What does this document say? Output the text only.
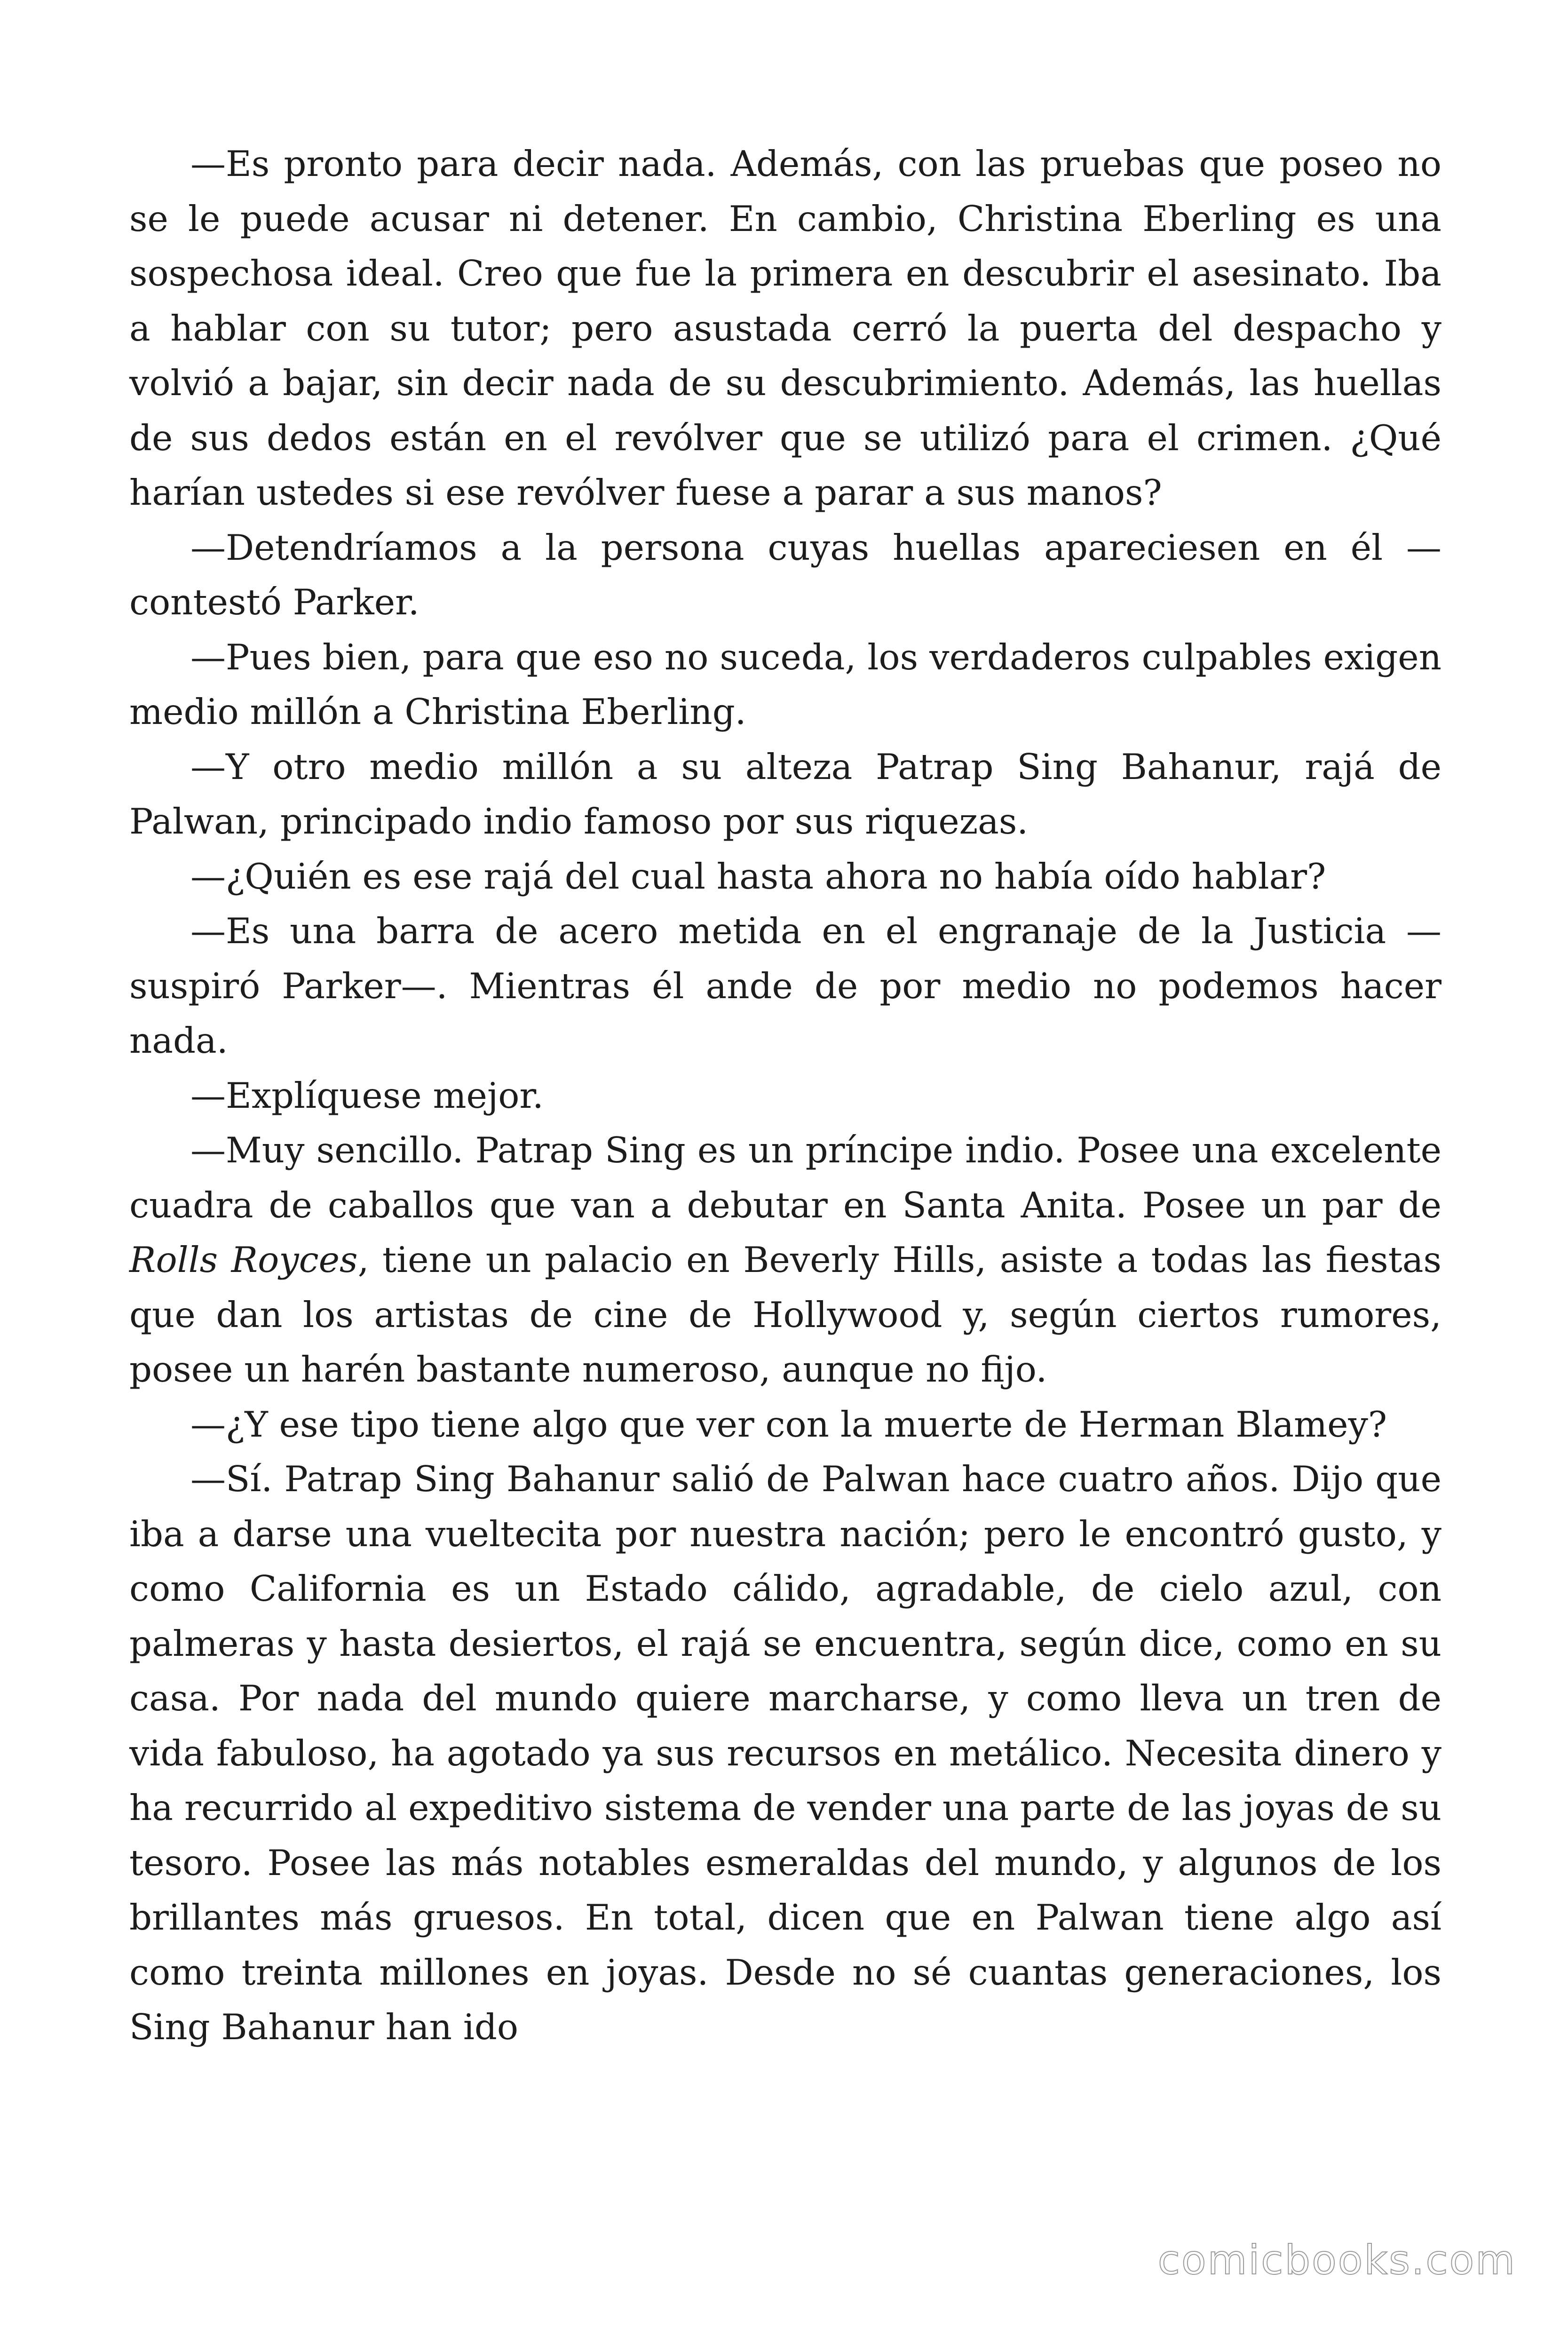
—Es pronto para decir nada. Además, con las pruebas que poseo no se le puede acusar ni detener. En cambio, Christina Eberling es una sospechosa ideal. Creo que fue la primera en descubrir el asesinato. Iba a hablar con su tutor; pero asustada cerró la puerta del despacho y volvió a bajar, sin decir nada de su descubrimiento. Además, las huellas de sus dedos están en el revólver que se utilizó para el crimen. ¿Qué harían ustedes si ese revólver fuese a parar a sus manos?

—Detendríamos a la persona cuyas huellas apareciesen en él —contestó Parker.

—Pues bien, para que eso no suceda, los verdaderos culpables exigen medio millón a Christina Eberling.

—Y otro medio millón a su alteza Patrap Sing Bahanur, rajá de Palwan, principado indio famoso por sus riquezas.

—¿Quién es ese rajá del cual hasta ahora no había oído hablar?

—Es una barra de acero metida en el engranaje de la Justicia —suspiró Parker—. Mientras él ande de por medio no podemos hacer nada.

—Explíquese mejor.

—Muy sencillo. Patrap Sing es un príncipe indio. Posee una excelente cuadra de caballos que van a debutar en Santa Anita. Posee un par de Rolls Royces, tiene un palacio en Beverly Hills, asiste a todas las fiestas que dan los artistas de cine de Hollywood y, según ciertos rumores, posee un harén bastante numeroso, aunque no fijo.

—¿Y ese tipo tiene algo que ver con la muerte de Herman Blamey?

—Sí. Patrap Sing Bahanur salió de Palwan hace cuatro años. Dijo que iba a darse una vueltecita por nuestra nación; pero le encontró gusto, y como California es un Estado cálido, agradable, de cielo azul, con palmeras y hasta desiertos, el rajá se encuentra, según dice, como en su casa. Por nada del mundo quiere marcharse, y como lleva un tren de vida fabuloso, ha agotado ya sus recursos en metálico. Necesita dinero y ha recurrido al expeditivo sistema de vender una parte de las joyas de su tesoro. Posee las más notables esmeraldas del mundo, y algunos de los brillantes más gruesos. En total, dicen que en Palwan tiene algo así como treinta millones en joyas. Desde no sé cuantas generaciones, los Sing Bahanur han ido

comicbooks.com
